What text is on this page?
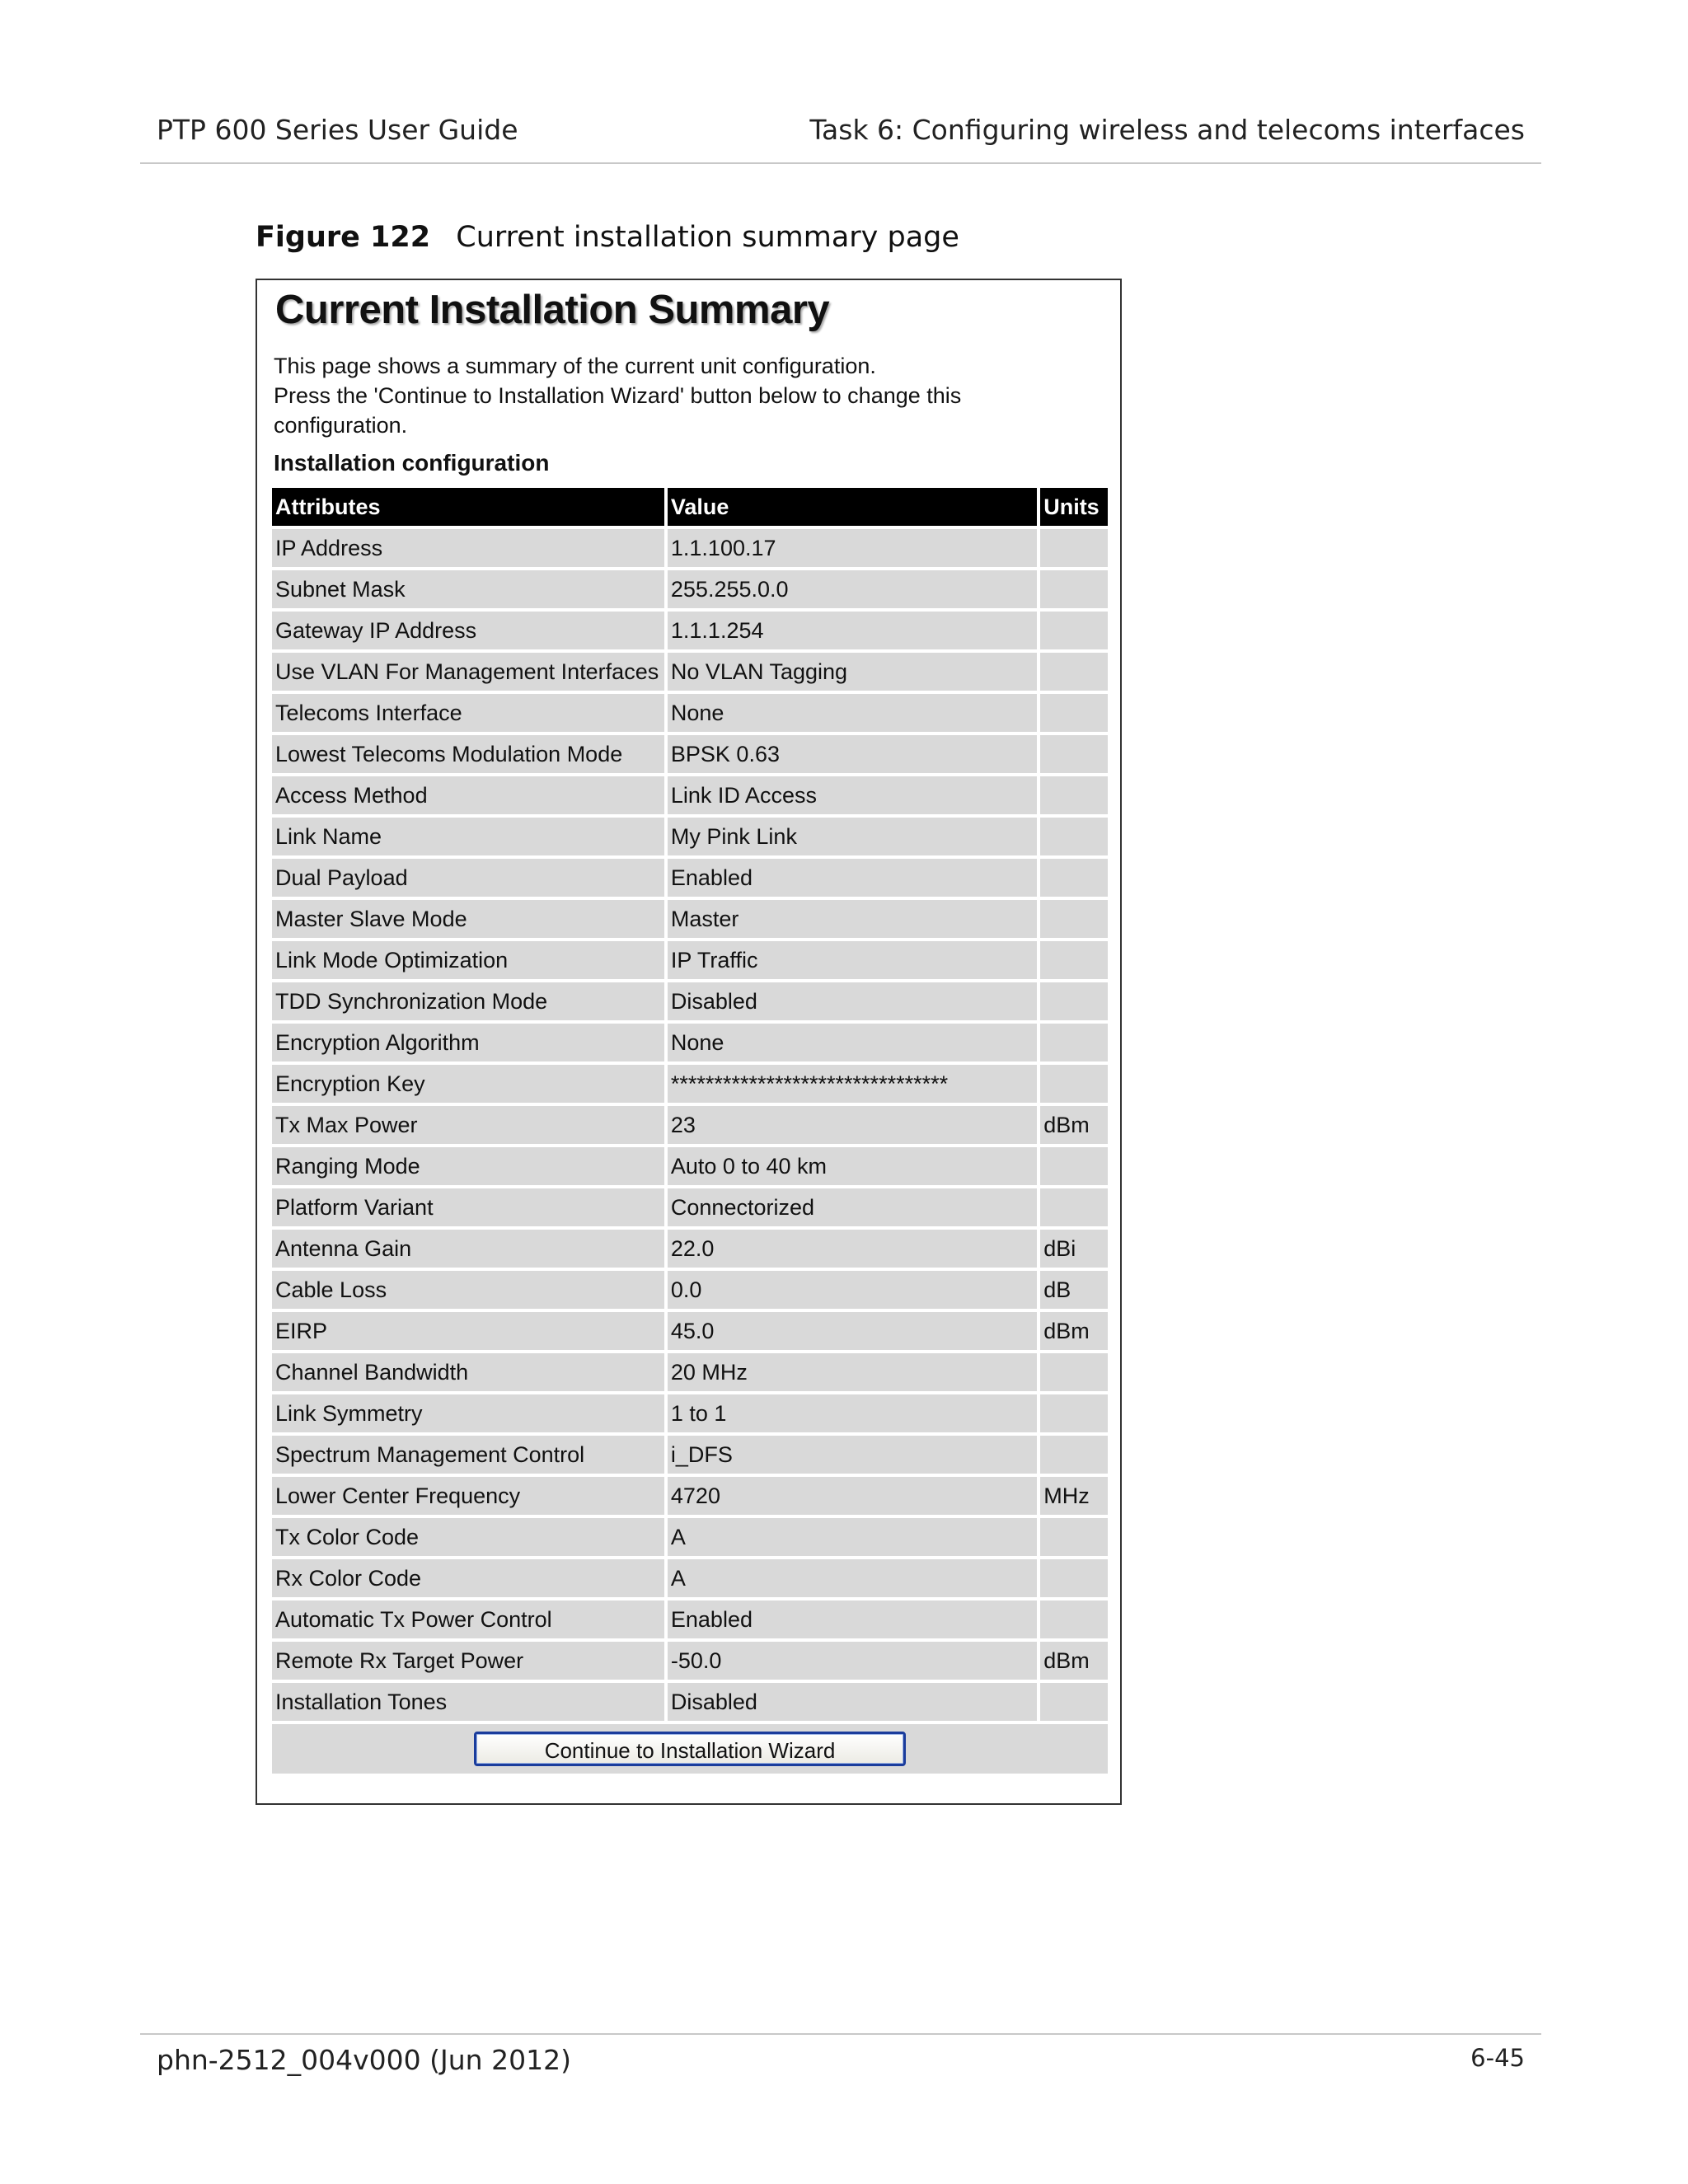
PTP 600 Series User Guide	Task 6: Configuring wireless and telecoms interfaces
Figure 122 Current installation summary page
Current Installation Summary
This page shows a summary of the current unit configuration.
Press the 'Continue to Installation Wizard' button below to change this
configuration.
Installation configuration
Attributes	Value	Units
IP Address	1.1.100.17	
Subnet Mask	255.255.0.0	
Gateway IP Address	1.1.1.254	
Use VLAN For Management Interfaces	No VLAN Tagging	
Telecoms Interface	None	
Lowest Telecoms Modulation Mode	BPSK 0.63	
Access Method	Link ID Access	
Link Name	My Pink Link	
Dual Payload	Enabled	
Master Slave Mode	Master	
Link Mode Optimization	IP Traffic	
TDD Synchronization Mode	Disabled	
Encryption Algorithm	None	
Encryption Key	********************************	
Tx Max Power	23	dBm
Ranging Mode	Auto 0 to 40 km	
Platform Variant	Connectorized	
Antenna Gain	22.0	dBi
Cable Loss	0.0	dB
EIRP	45.0	dBm
Channel Bandwidth	20 MHz	
Link Symmetry	1 to 1	
Spectrum Management Control	i_DFS	
Lower Center Frequency	4720	MHz
Tx Color Code	A	
Rx Color Code	A	
Automatic Tx Power Control	Enabled	
Remote Rx Target Power	-50.0	dBm
Installation Tones	Disabled	
Continue to Installation Wizard		
phn-2512_004v000 (Jun 2012)	6-45
